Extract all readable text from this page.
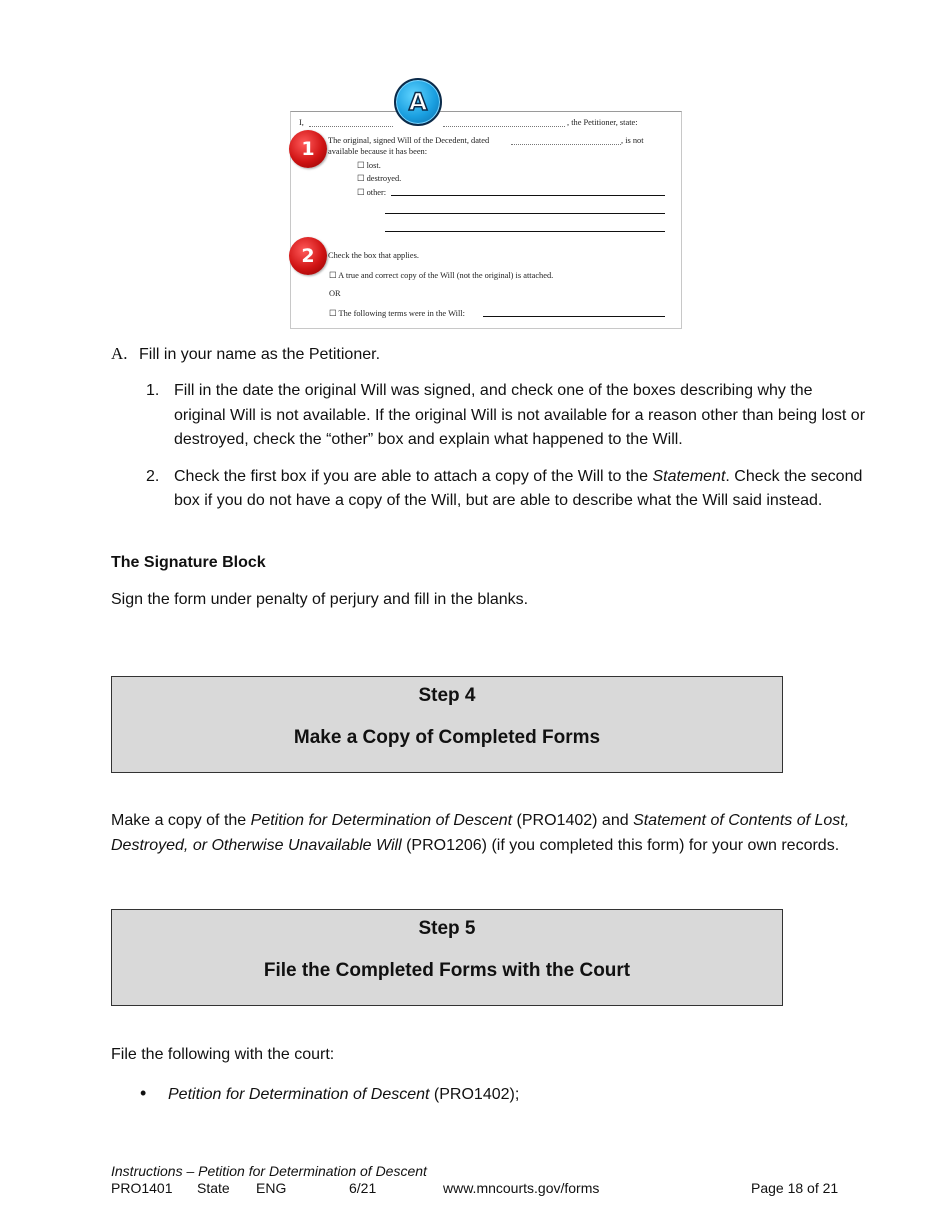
I,	, the Petitioner, state:
The original, signed Will of the Decedent, dated	, is not
available because it has been:
☐ lost.
☐ destroyed.
☐ other:
Check the box that applies.
☐ A true and correct copy of the Will (not the original) is attached.
OR
☐ The following terms were in the Will:
A
1
2
A. Fill in your name as the Petitioner.
1. Fill in the date the original Will was signed, and check one of the boxes describing why the original Will is not available. If the original Will is not available for a reason other than being lost or destroyed, check the “other” box and explain what happened to the Will.
2. Check the first box if you are able to attach a copy of the Will to the Statement. Check the second box if you do not have a copy of the Will, but are able to describe what the Will said instead.
The Signature Block
Sign the form under penalty of perjury and fill in the blanks.
Step 4
Make a Copy of Completed Forms
Make a copy of the Petition for Determination of Descent (PRO1402) and Statement of Contents of Lost, Destroyed, or Otherwise Unavailable Will (PRO1206) (if you completed this form) for your own records.
Step 5
File the Completed Forms with the Court
File the following with the court:
• Petition for Determination of Descent (PRO1402);
Instructions – Petition for Determination of Descent
PRO1401 State ENG	6/21	www.mncourts.gov/forms	Page 18 of 21
